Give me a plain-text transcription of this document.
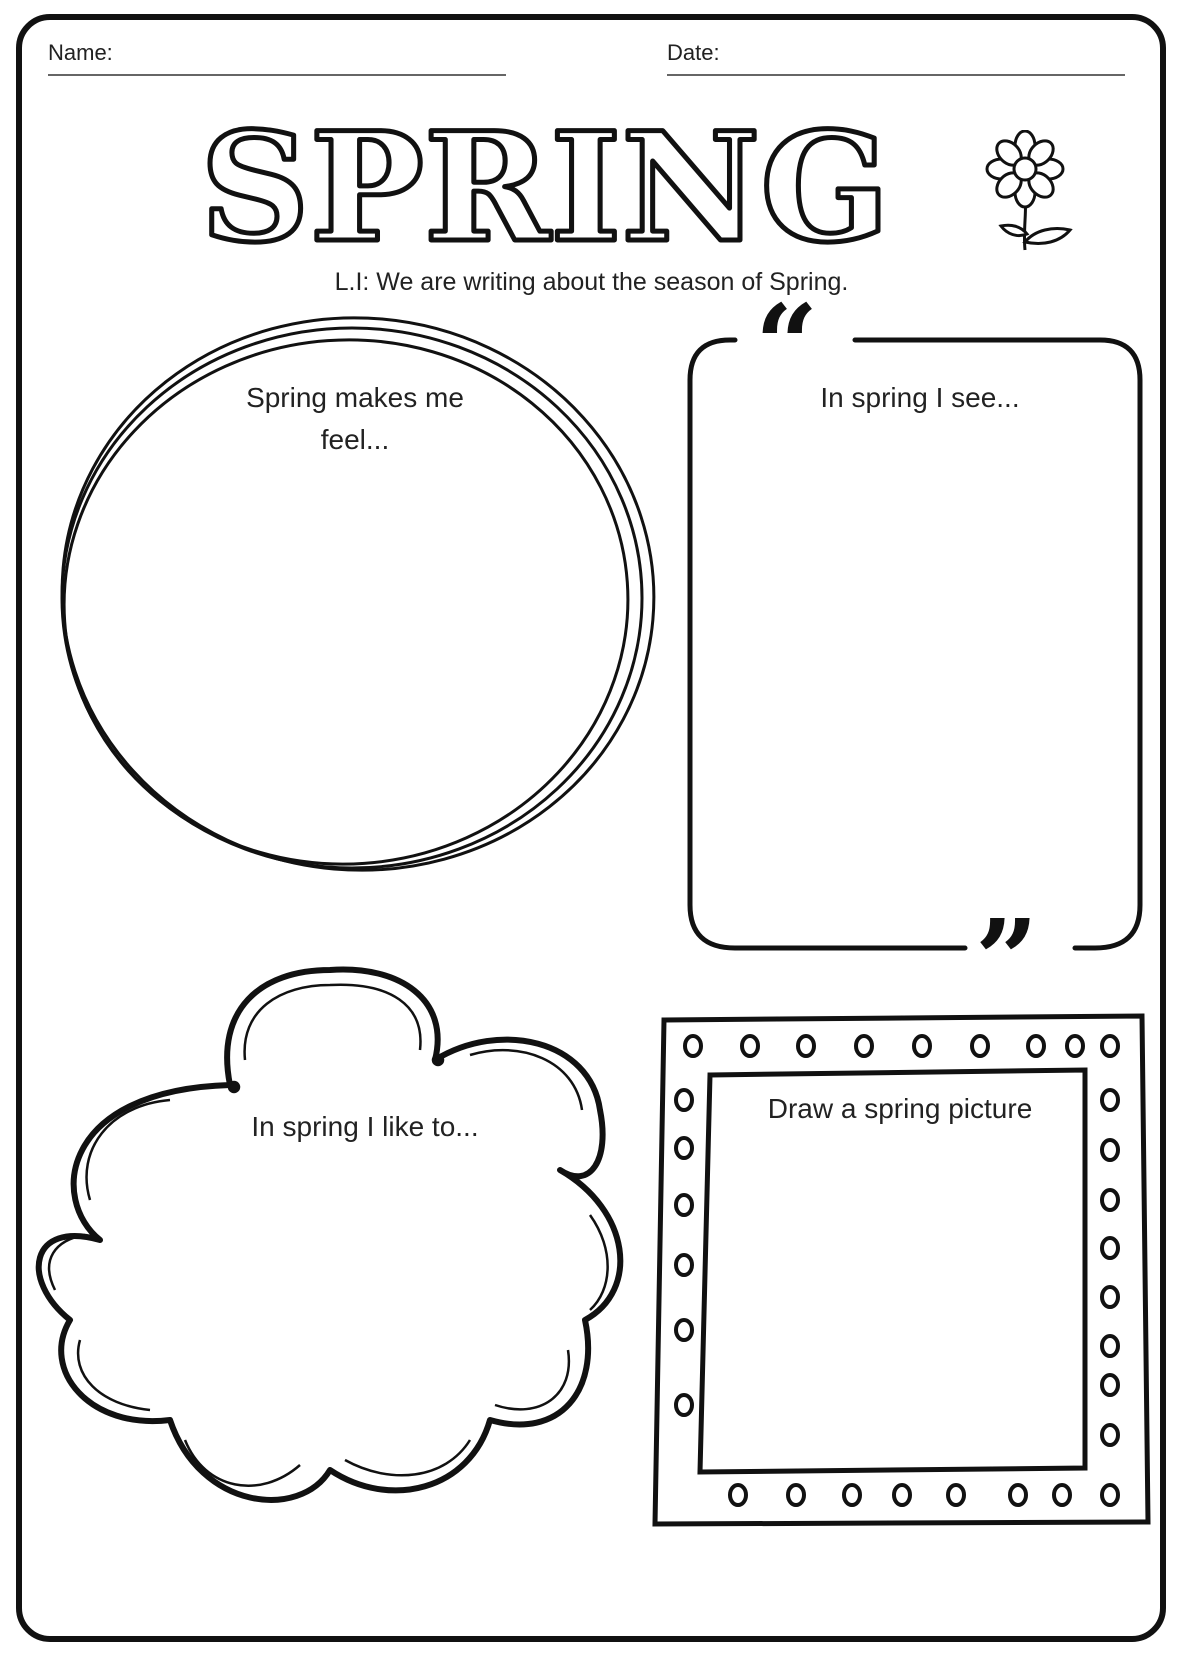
Name:	Date:
SPRING
L.I: We are writing about the season of Spring.
“
”
Spring makes me feel...
In spring I see...
In spring I like to...
Draw a spring picture
